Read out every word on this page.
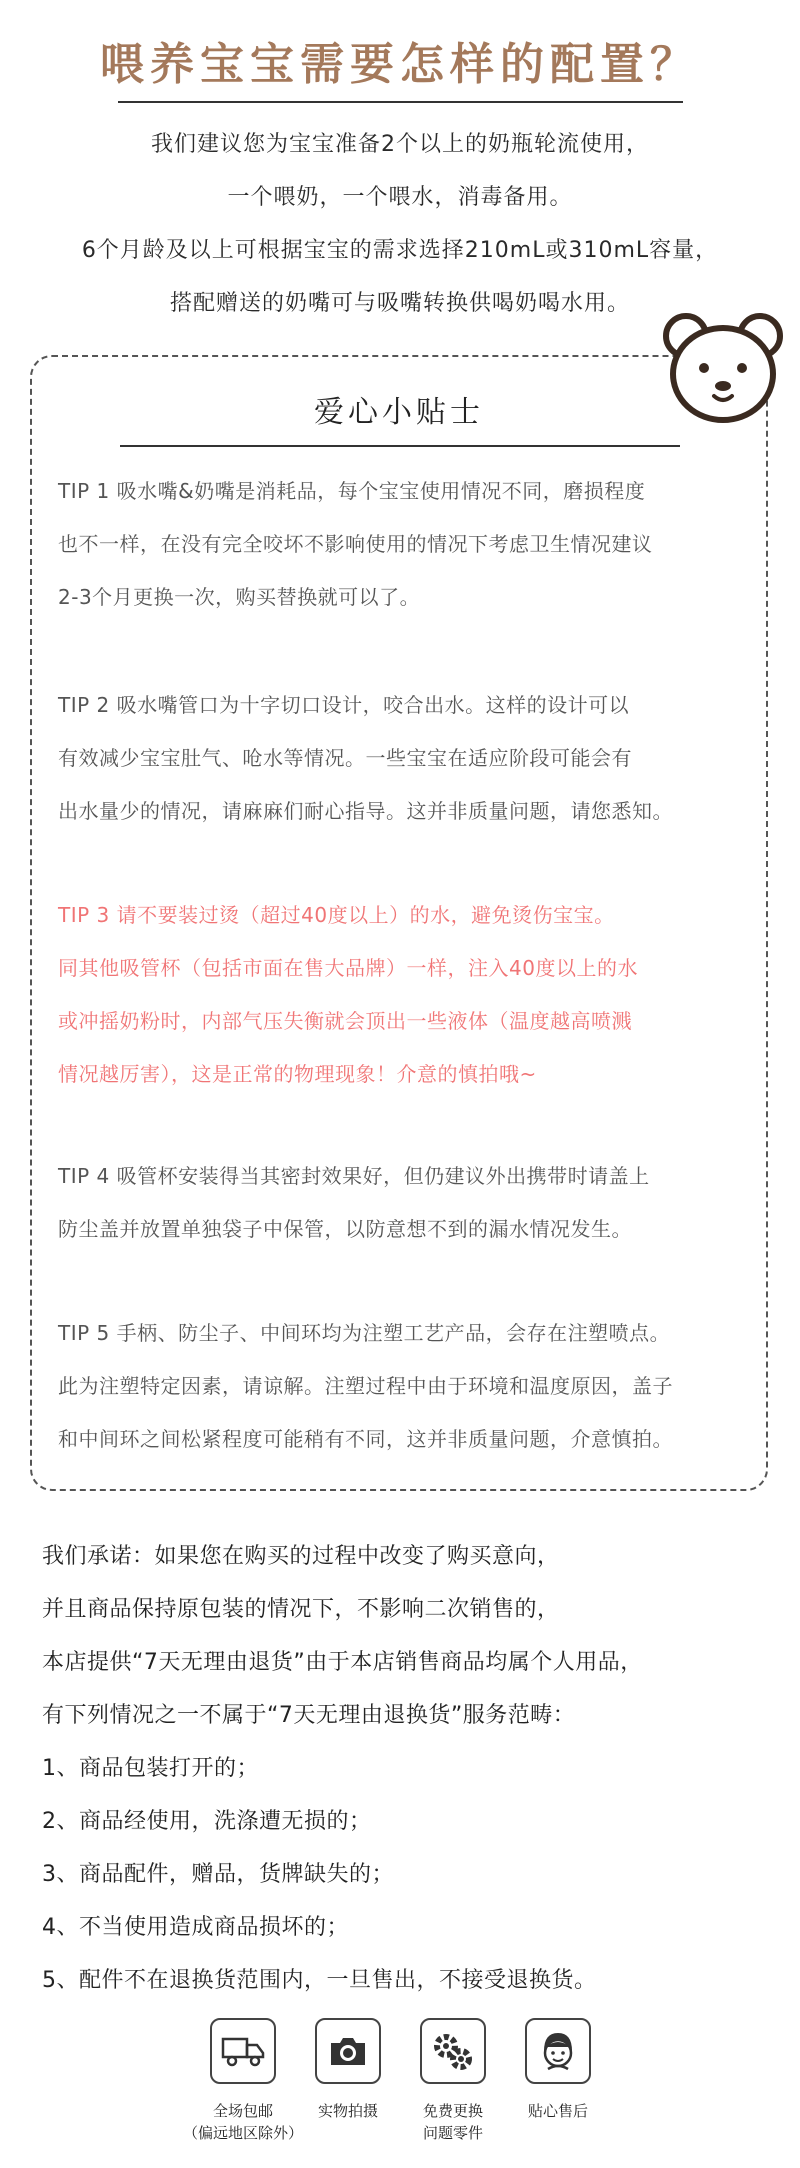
喂养宝宝需要怎样的配置？

我们建议您为宝宝准备2个以上的奶瓶轮流使用，

一个喂奶，一个喂水，消毒备用。

6个月龄及以上可根据宝宝的需求选择210mL或310mL容量，

搭配赠送的奶嘴可与吸嘴转换供喝奶喝水用。

爱心小贴士

TIP 1 吸水嘴&奶嘴是消耗品，每个宝宝使用情况不同，磨损程度

也不一样，在没有完全咬坏不影响使用的情况下考虑卫生情况建议

2-3个月更换一次，购买替换就可以了。

TIP 2 吸水嘴管口为十字切口设计，咬合出水。这样的设计可以

有效减少宝宝肚气、呛水等情况。一些宝宝在适应阶段可能会有

出水量少的情况，请麻麻们耐心指导。这并非质量问题，请您悉知。

TIP 3 请不要装过烫（超过40度以上）的水，避免烫伤宝宝。

同其他吸管杯（包括市面在售大品牌）一样，注入40度以上的水

或冲摇奶粉时，内部气压失衡就会顶出一些液体（温度越高喷溅

情况越厉害），这是正常的物理现象！介意的慎拍哦~

TIP 4 吸管杯安装得当其密封效果好，但仍建议外出携带时请盖上

防尘盖并放置单独袋子中保管，以防意想不到的漏水情况发生。

TIP 5 手柄、防尘子、中间环均为注塑工艺产品，会存在注塑喷点。

此为注塑特定因素，请谅解。注塑过程中由于环境和温度原因，盖子

和中间环之间松紧程度可能稍有不同，这并非质量问题，介意慎拍。

我们承诺：如果您在购买的过程中改变了购买意向，

并且商品保持原包装的情况下，不影响二次销售的，

本店提供“7天无理由退货”由于本店销售商品均属个人用品，

有下列情况之一不属于“7天无理由退换货”服务范畴：

1、商品包装打开的；

2、商品经使用，洗涤遭无损的；

3、商品配件，赠品，货牌缺失的；

4、不当使用造成商品损坏的；

5、配件不在退换货范围内，一旦售出，不接受退换货。

全场包邮
（偏远地区除外）
实物拍摄	免费更换
问题零件
贴心售后
